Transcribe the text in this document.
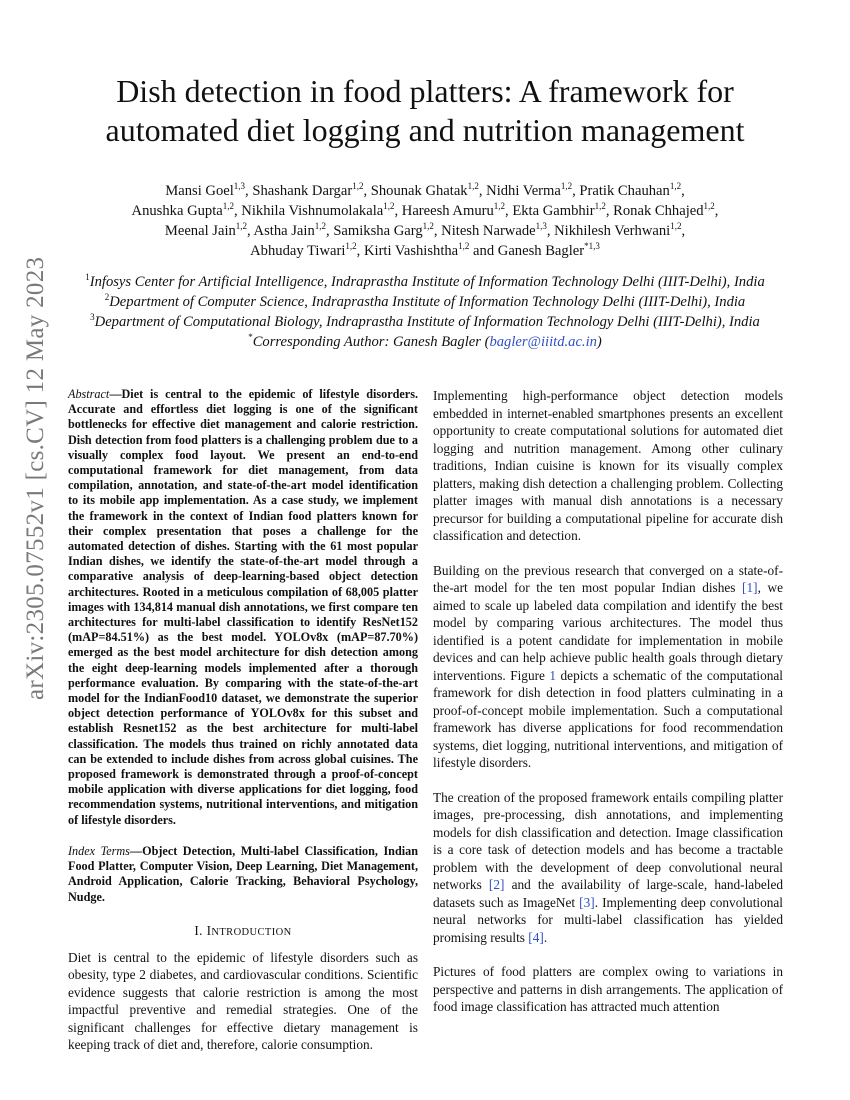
arXiv:2305.07552v1 [cs.CV] 12 May 2023
Dish detection in food platters: A framework for
automated diet logging and nutrition management
Mansi Goel$^{1,3}$, Shashank Dargar$^{1,2}$, Shounak Ghatak$^{1,2}$, Nidhi Verma$^{1,2}$, Pratik Chauhan$^{1,2}$,
Anushka Gupta$^{1,2}$, Nikhila Vishnumolakala$^{1,2}$, Hareesh Amuru$^{1,2}$, Ekta Gambhir$^{1,2}$, Ronak Chhajed$^{1,2}$,
Meenal Jain$^{1,2}$, Astha Jain$^{1,2}$, Samiksha Garg$^{1,2}$, Nitesh Narwade$^{1,3}$, Nikhilesh Verhwani$^{1,2}$,
Abhuday Tiwari$^{1,2}$, Kirti Vashishtha$^{1,2}$ and Ganesh Bagler$^{*1,3}$
$^1$Infosys Center for Artificial Intelligence, Indraprastha Institute of Information Technology Delhi (IIIT-Delhi), India
$^2$Department of Computer Science, Indraprastha Institute of Information Technology Delhi (IIIT-Delhi), India
$^3$Department of Computational Biology, Indraprastha Institute of Information Technology Delhi (IIIT-Delhi), India
*Corresponding Author: Ganesh Bagler (bagler@iiitd.ac.in)

Abstract—Diet is central to the epidemic of lifestyle disorders. Accurate and effortless diet logging is one of the significant bottlenecks for effective diet management and calorie restriction. Dish detection from food platters is a challenging problem due to a visually complex food layout. We present an end-to-end computational framework for diet management, from data compilation, annotation, and state-of-the-art model identification to its mobile app implementation. As a case study, we implement the framework in the context of Indian food platters known for their complex presentation that poses a challenge for the automated detection of dishes. Starting with the 61 most popular Indian dishes, we identify the state-of-the-art model through a comparative analysis of deep-learning-based object detection architectures. Rooted in a meticulous compilation of 68,005 platter images with 134,814 manual dish annotations, we first compare ten architectures for multi-label classification to identify ResNet152 (mAP=84.51%) as the best model. YOLOv8x (mAP=87.70%) emerged as the best model architecture for dish detection among the eight deep-learning models implemented after a thorough performance evaluation. By comparing with the state-of-the-art model for the IndianFood10 dataset, we demonstrate the superior object detection performance of YOLOv8x for this subset and establish Resnet152 as the best architecture for multi-label classification. The models thus trained on richly annotated data can be extended to include dishes from across global cuisines. The proposed framework is demonstrated through a proof-of-concept mobile application with diverse applications for diet logging, food recommendation systems, nutritional interventions, and mitigation of lifestyle disorders.

Index Terms—Object Detection, Multi-label Classification, Indian Food Platter, Computer Vision, Deep Learning, Diet Management, Android Application, Calorie Tracking, Behavioral Psychology, Nudge.

I. INTRODUCTION

Diet is central to the epidemic of lifestyle disorders such as obesity, type 2 diabetes, and cardiovascular conditions. Scientific evidence suggests that calorie restriction is among the most impactful preventive and remedial strategies. One of the significant challenges for effective dietary management is keeping track of diet and, therefore, calorie consumption.

Implementing high-performance object detection models embedded in internet-enabled smartphones presents an excellent opportunity to create computational solutions for automated diet logging and nutrition management. Among other culinary traditions, Indian cuisine is known for its visually complex platters, making dish detection a challenging problem. Collecting platter images with manual dish annotations is a necessary precursor for building a computational pipeline for accurate dish classification and detection.

Building on the previous research that converged on a state-of-the-art model for the ten most popular Indian dishes [1], we aimed to scale up labeled data compilation and identify the best model by comparing various architectures. The model thus identified is a potent candidate for implementation in mobile devices and can help achieve public health goals through dietary interventions. Figure 1 depicts a schematic of the computational framework for dish detection in food platters culminating in a proof-of-concept mobile implementation. Such a computational framework has diverse applications for food recommendation systems, diet logging, nutritional interventions, and mitigation of lifestyle disorders.

The creation of the proposed framework entails compiling platter images, pre-processing, dish annotations, and implementing models for dish classification and detection. Image classification is a core task of detection models and has become a tractable problem with the development of deep convolutional neural networks [2] and the availability of large-scale, hand-labeled datasets such as ImageNet [3]. Implementing deep convolutional neural networks for multi-label classification has yielded promising results [4].

Pictures of food platters are complex owing to variations in perspective and patterns in dish arrangements. The application of food image classification has attracted much attention
